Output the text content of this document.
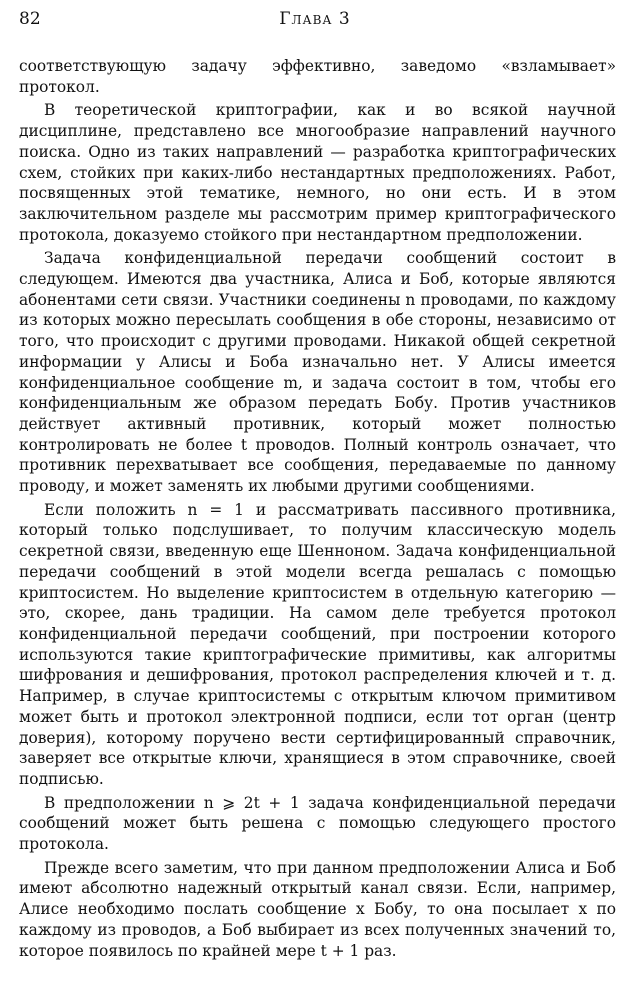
82	Глава 3

соответствующую задачу эффективно, заведомо «взламывает» протокол.

В теоретической криптографии, как и во всякой научной дисциплине, представлено все многообразие направлений научного поиска. Одно из таких направлений — разработка криптографических схем, стойких при каких-либо нестандартных предположениях. Работ, посвященных этой тематике, немного, но они есть. И в этом заключительном разделе мы рассмотрим пример криптографического протокола, доказуемо стойкого при нестандартном предположении.

Задача конфиденциальной передачи сообщений состоит в следующем. Имеются два участника, Алиса и Боб, которые являются абонентами сети связи. Участники соединены n проводами, по каждому из которых можно пересылать сообщения в обе стороны, независимо от того, что происходит с другими проводами. Никакой общей секретной информации у Алисы и Боба изначально нет. У Алисы имеется конфиденциальное сообщение m, и задача состоит в том, чтобы его конфиденциальным же образом передать Бобу. Против участников действует активный противник, который может полностью контролировать не более t проводов. Полный контроль означает, что противник перехватывает все сообщения, передаваемые по данному проводу, и может заменять их любыми другими сообщениями.

Если положить n = 1 и рассматривать пассивного противника, который только подслушивает, то получим классическую модель секретной связи, введенную еще Шенноном. Задача конфиденциальной передачи сообщений в этой модели всегда решалась с помощью криптосистем. Но выделение криптосистем в отдельную категорию — это, скорее, дань традиции. На самом деле требуется протокол конфиденциальной передачи сообщений, при построении которого используются такие криптографические примитивы, как алгоритмы шифрования и дешифрования, протокол распределения ключей и т. д. Например, в случае криптосистемы с открытым ключом примитивом может быть и протокол электронной подписи, если тот орган (центр доверия), которому поручено вести сертифицированный справочник, заверяет все открытые ключи, хранящиеся в этом справочнике, своей подписью.

В предположении n ⩾ 2t + 1 задача конфиденциальной передачи сообщений может быть решена с помощью следующего простого протокола.

Прежде всего заметим, что при данном предположении Алиса и Боб имеют абсолютно надежный открытый канал связи. Если, например, Алисе необходимо послать сообщение x Бобу, то она посылает x по каждому из проводов, а Боб выбирает из всех полученных значений то, которое появилось по крайней мере t + 1 раз.
